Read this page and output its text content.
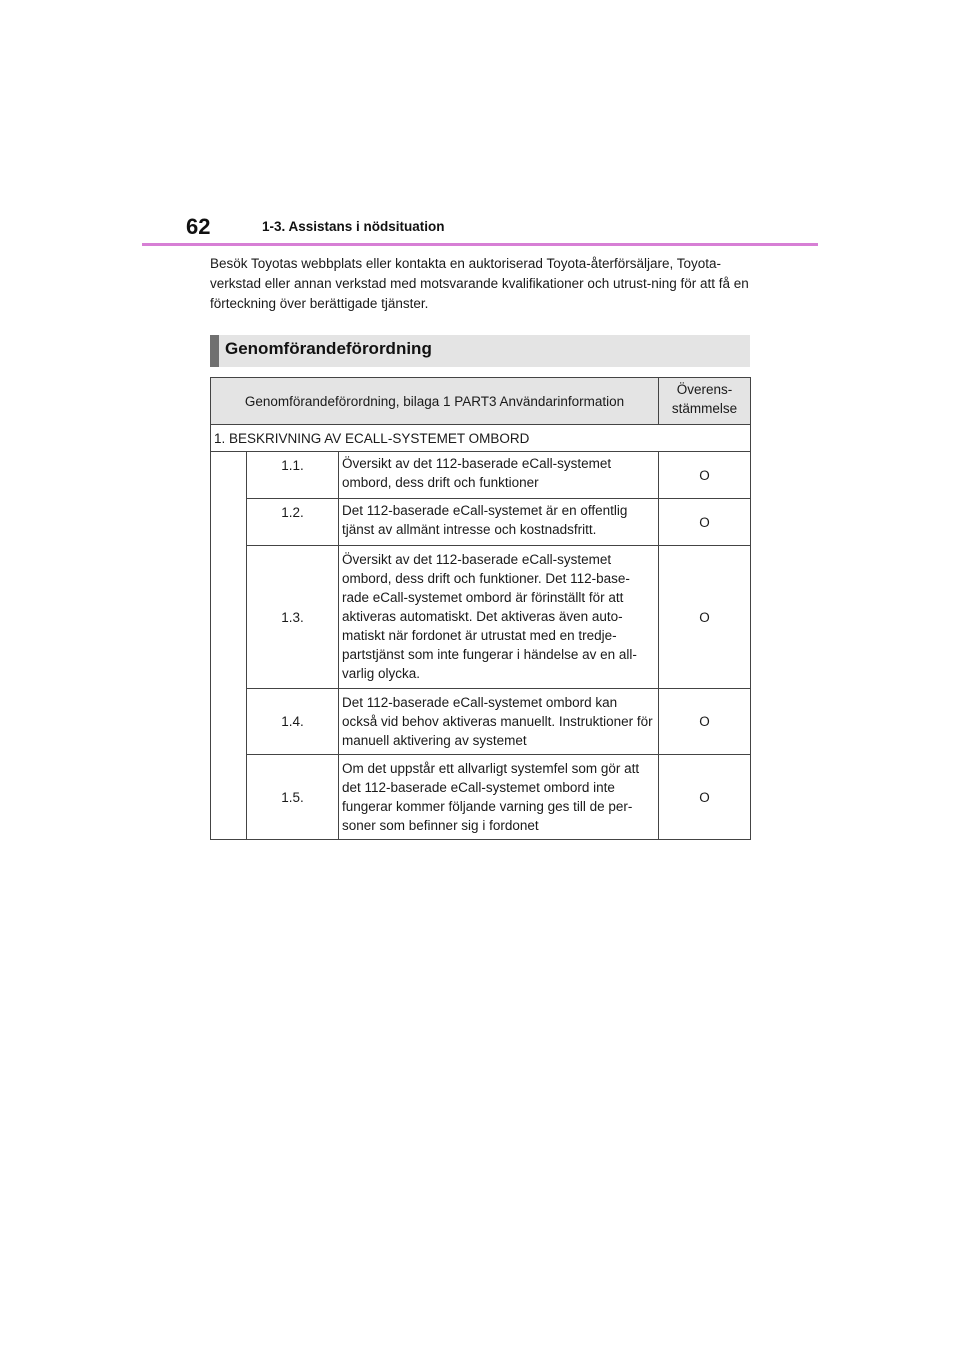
62	1-3. Assistans i nödsituation

Besök Toyotas webbplats eller kontakta en auktoriserad Toyota-återförsäljare, Toyota-verkstad eller annan verkstad med motsvarande kvalifikationer och utrust-ning för att få en förteckning över berättigade tjänster.

Genomförandeförordning
Genomförandeförordning, bilaga 1 PART3 Användarinformation			Överens-stämmelse
1. BESKRIVNING AV ECALL-SYSTEMET OMBORD			
	1.1.	Översikt av det 112-baserade eCall-systemet ombord, dess drift och funktioner	O
	1.2.	Det 112-baserade eCall-systemet är en offentlig tjänst av allmänt intresse och kostnadsfritt.	O
	1.3.	Översikt av det 112-baserade eCall-systemet ombord, dess drift och funktioner. Det 112-base-rade eCall-systemet ombord är förinställt för att aktiveras automatiskt. Det aktiveras även auto-matiskt när fordonet är utrustat med en tredje-partstjänst som inte fungerar i händelse av en all-varlig olycka.	O
	1.4.	Det 112-baserade eCall-systemet ombord kan också vid behov aktiveras manuellt. Instruktioner för manuell aktivering av systemet	O
	1.5.	Om det uppstår ett allvarligt systemfel som gör att det 112-baserade eCall-systemet ombord inte fungerar kommer följande varning ges till de per-soner som befinner sig i fordonet	O
